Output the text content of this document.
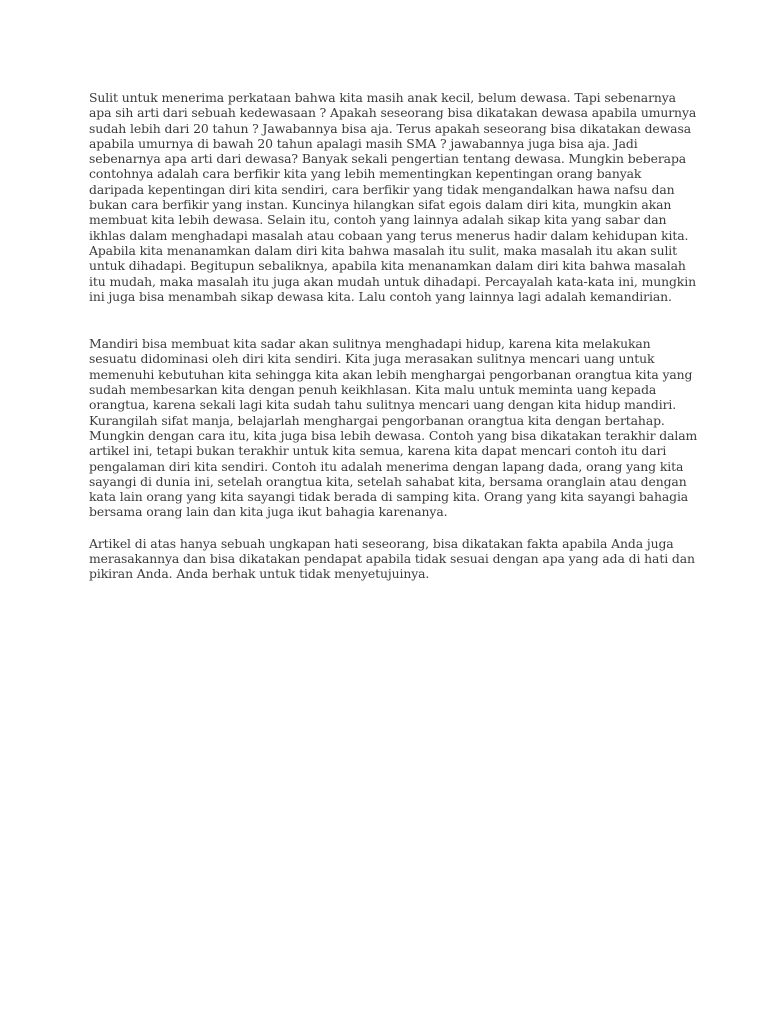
Sulit untuk menerima perkataan bahwa kita masih anak kecil, belum dewasa. Tapi sebenarnya apa sih arti dari sebuah kedewasaan ? Apakah seseorang bisa dikatakan dewasa apabila umurnya sudah lebih dari 20 tahun ? Jawabannya bisa aja. Terus apakah seseorang bisa dikatakan dewasa apabila umurnya di bawah 20 tahun apalagi masih SMA ? jawabannya juga bisa aja. Jadi sebenarnya apa arti dari dewasa? Banyak sekali pengertian tentang dewasa. Mungkin beberapa contohnya adalah cara berfikir kita yang lebih mementingkan kepentingan orang banyak daripada kepentingan diri kita sendiri, cara berfikir yang tidak mengandalkan hawa nafsu dan bukan cara berfikir yang instan. Kuncinya hilangkan sifat egois dalam diri kita, mungkin akan membuat kita lebih dewasa. Selain itu, contoh yang lainnya adalah sikap kita yang sabar dan ikhlas dalam menghadapi masalah atau cobaan yang terus menerus hadir dalam kehidupan kita. Apabila kita menanamkan dalam diri kita bahwa masalah itu sulit, maka masalah itu akan sulit untuk dihadapi. Begitupun sebaliknya, apabila kita menanamkan dalam diri kita bahwa masalah itu mudah, maka masalah itu juga akan mudah untuk dihadapi. Percayalah kata-kata ini, mungkin ini juga bisa menambah sikap dewasa kita. Lalu contoh yang lainnya lagi adalah kemandirian.

Mandiri bisa membuat kita sadar akan sulitnya menghadapi hidup, karena kita melakukan sesuatu didominasi oleh diri kita sendiri. Kita juga merasakan sulitnya mencari uang untuk memenuhi kebutuhan kita sehingga kita akan lebih menghargai pengorbanan orangtua kita yang sudah membesarkan kita dengan penuh keikhlasan. Kita malu untuk meminta uang kepada orangtua, karena sekali lagi kita sudah tahu sulitnya mencari uang dengan kita hidup mandiri. Kurangilah sifat manja, belajarlah menghargai pengorbanan orangtua kita dengan bertahap. Mungkin dengan cara itu, kita juga bisa lebih dewasa. Contoh yang bisa dikatakan terakhir dalam artikel ini, tetapi bukan terakhir untuk kita semua, karena kita dapat mencari contoh itu dari pengalaman diri kita sendiri. Contoh itu adalah menerima dengan lapang dada, orang yang kita sayangi di dunia ini, setelah orangtua kita, setelah sahabat kita, bersama oranglain atau dengan kata lain orang yang kita sayangi tidak berada di samping kita. Orang yang kita sayangi bahagia bersama orang lain dan kita juga ikut bahagia karenanya.

Artikel di atas hanya sebuah ungkapan hati seseorang, bisa dikatakan fakta apabila Anda juga merasakannya dan bisa dikatakan pendapat apabila tidak sesuai dengan apa yang ada di hati dan pikiran Anda. Anda berhak untuk tidak menyetujuinya.
